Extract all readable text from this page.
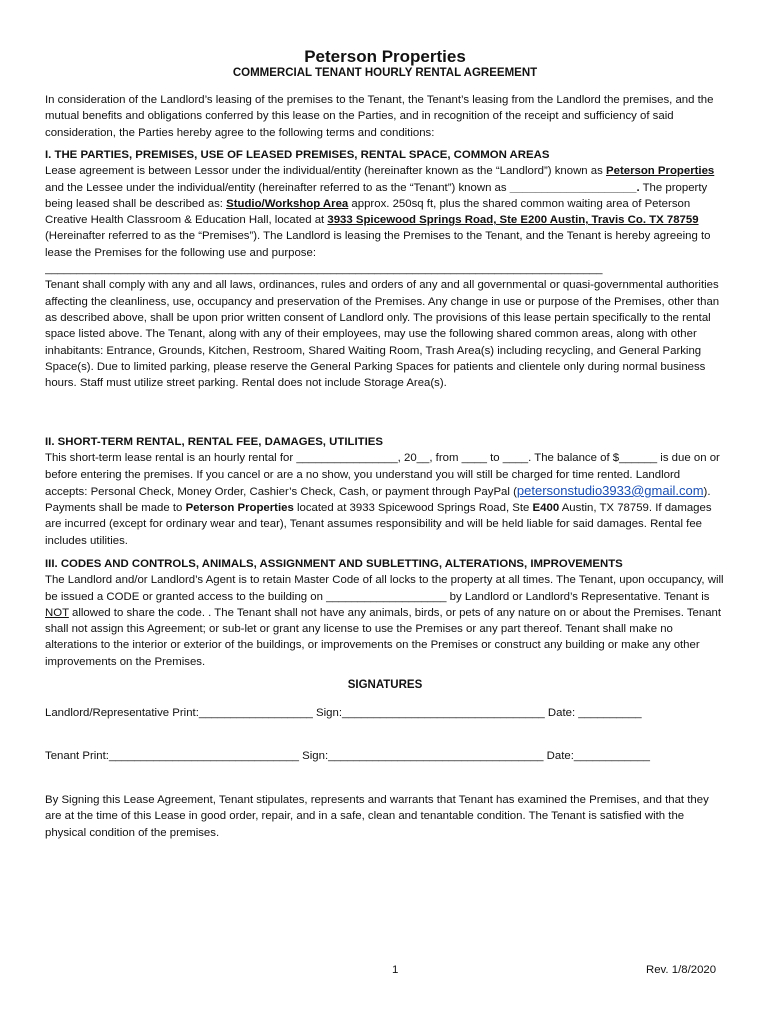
Peterson Properties
COMMERCIAL TENANT HOURLY RENTAL AGREEMENT
In consideration of the Landlord’s leasing of the premises to the Tenant, the Tenant’s leasing from the Landlord the premises, and the mutual benefits and obligations conferred by this lease on the Parties, and in recognition of the receipt and sufficiency of said consideration, the Parties hereby agree to the following terms and conditions:
I. THE PARTIES, PREMISES, USE OF LEASED PREMISES, RENTAL SPACE, COMMON AREAS
Lease agreement is between Lessor under the individual/entity (hereinafter known as the “Landlord”) known as Peterson Properties and the Lessee under the individual/entity (hereinafter referred to as the “Tenant”) known as ____________________. The property being leased shall be described as: Studio/Workshop Area approx. 250sq ft, plus the shared common waiting area of Peterson Creative Health Classroom & Education Hall, located at 3933 Spicewood Springs Road, Ste E200 Austin, Travis Co. TX 78759 (Hereinafter referred to as the “Premises”). The Landlord is leasing the Premises to the Tenant, and the Tenant is hereby agreeing to lease the Premises for the following use and purpose:
________________________________________________________________________________________
Tenant shall comply with any and all laws, ordinances, rules and orders of any and all governmental or quasi-governmental authorities affecting the cleanliness, use, occupancy and preservation of the Premises. Any change in use or purpose of the Premises, other than as described above, shall be upon prior written consent of Landlord only. The provisions of this lease pertain specifically to the rental space listed above. The Tenant, along with any of their employees, may use the following shared common areas, along with other inhabitants: Entrance, Grounds, Kitchen, Restroom, Shared Waiting Room, Trash Area(s) including recycling, and General Parking Space(s). Due to limited parking, please reserve the General Parking Spaces for patients and clientele only during normal business hours. Staff must utilize street parking. Rental does not include Storage Area(s).
II. SHORT-TERM RENTAL, RENTAL FEE, DAMAGES, UTILITIES
This short-term lease rental is an hourly rental for ________________, 20__, from ____ to ____. The balance of $______ is due on or before entering the premises. If you cancel or are a no show, you understand you will still be charged for time rented. Landlord accepts: Personal Check, Money Order, Cashier’s Check, Cash, or payment through PayPal (petersonstudio3933@gmail.com). Payments shall be made to Peterson Properties located at 3933 Spicewood Springs Road, Ste E400 Austin, TX 78759. If damages are incurred (except for ordinary wear and tear), Tenant assumes responsibility and will be held liable for said damages. Rental fee includes utilities.
III. CODES AND CONTROLS, ANIMALS, ASSIGNMENT AND SUBLETTING, ALTERATIONS, IMPROVEMENTS
The Landlord and/or Landlord’s Agent is to retain Master Code of all locks to the property at all times. The Tenant, upon occupancy, will be issued a CODE or granted access to the building on ___________________ by Landlord or Landlord’s Representative. Tenant is NOT allowed to share the code. . The Tenant shall not have any animals, birds, or pets of any nature on or about the Premises. Tenant shall not assign this Agreement; or sub-let or grant any license to use the Premises or any part thereof. Tenant shall make no alterations to the interior or exterior of the buildings, or improvements on the Premises or construct any building or make any other improvements on the Premises.
SIGNATURES
Landlord/Representative Print:__________________ Sign:________________________________ Date: __________
Tenant Print:______________________________ Sign:__________________________________ Date:____________
By Signing this Lease Agreement, Tenant stipulates, represents and warrants that Tenant has examined the Premises, and that they are at the time of this Lease in good order, repair, and in a safe, clean and tenantable condition. The Tenant is satisfied with the physical condition of the premises.
1	Rev. 1/8/2020
